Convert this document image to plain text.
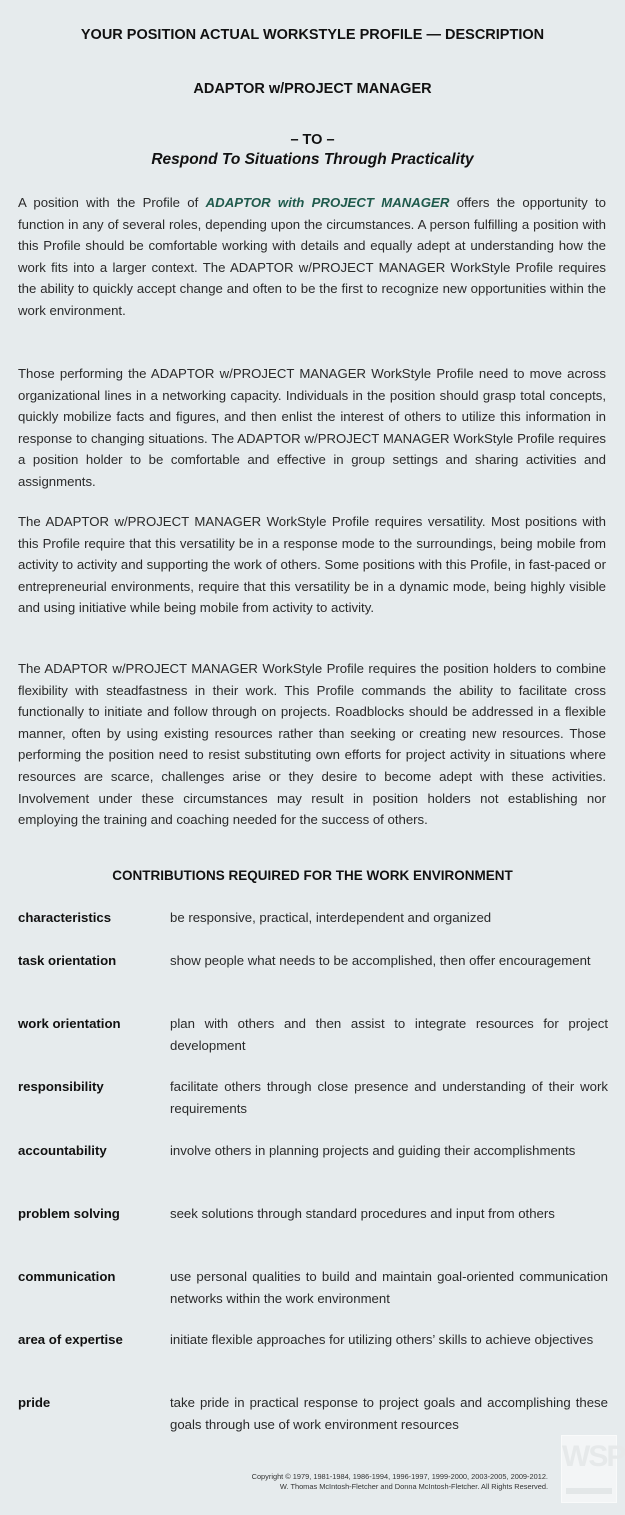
YOUR POSITION ACTUAL WORKSTYLE PROFILE — DESCRIPTION
ADAPTOR w/PROJECT MANAGER
– TO –
Respond To Situations Through Practicality

A position with the Profile of ADAPTOR with PROJECT MANAGER offers the opportunity to function in any of several roles, depending upon the circumstances. A person fulfilling a position with this Profile should be comfortable working with details and equally adept at understanding how the work fits into a larger context. The ADAPTOR w/PROJECT MANAGER WorkStyle Profile requires the ability to quickly accept change and often to be the first to recognize new opportunities within the work environment.

Those performing the ADAPTOR w/PROJECT MANAGER WorkStyle Profile need to move across organizational lines in a networking capacity. Individuals in the position should grasp total concepts, quickly mobilize facts and figures, and then enlist the interest of others to utilize this information in response to changing situations. The ADAPTOR w/PROJECT MANAGER WorkStyle Profile requires a position holder to be comfortable and effective in group settings and sharing activities and assignments.

The ADAPTOR w/PROJECT MANAGER WorkStyle Profile requires versatility. Most positions with this Profile require that this versatility be in a response mode to the surroundings, being mobile from activity to activity and supporting the work of others. Some positions with this Profile, in fast-paced or entrepreneurial environments, require that this versatility be in a dynamic mode, being highly visible and using initiative while being mobile from activity to activity.

The ADAPTOR w/PROJECT MANAGER WorkStyle Profile requires the position holders to combine flexibility with steadfastness in their work. This Profile commands the ability to facilitate cross functionally to initiate and follow through on projects. Roadblocks should be addressed in a flexible manner, often by using existing resources rather than seeking or creating new resources. Those performing the position need to resist substituting own efforts for project activity in situations where resources are scarce, challenges arise or they desire to become adept with these activities. Involvement under these circumstances may result in position holders not establishing nor employing the training and coaching needed for the success of others.

CONTRIBUTIONS REQUIRED FOR THE WORK ENVIRONMENT
characteristics	be responsive, practical, interdependent and organized
task orientation	show people what needs to be accomplished, then offer encouragement
work orientation	plan with others and then assist to integrate resources for project development
responsibility	facilitate others through close presence and understanding of their work requirements
accountability	involve others in planning projects and guiding their accomplishments
problem solving	seek solutions through standard procedures and input from others
communication	use personal qualities to build and maintain goal-oriented communication networks within the work environment
area of expertise	initiate flexible approaches for utilizing others’ skills to achieve objectives
pride	take pride in practical response to project goals and accomplishing these goals through use of work environment resources
Copyright © 1979, 1981-1984, 1986-1994, 1996-1997, 1999-2000, 2003-2005, 2009-2012.
W. Thomas McIntosh-Fletcher and Donna McIntosh-Fletcher. All Rights Reserved.
WSP
